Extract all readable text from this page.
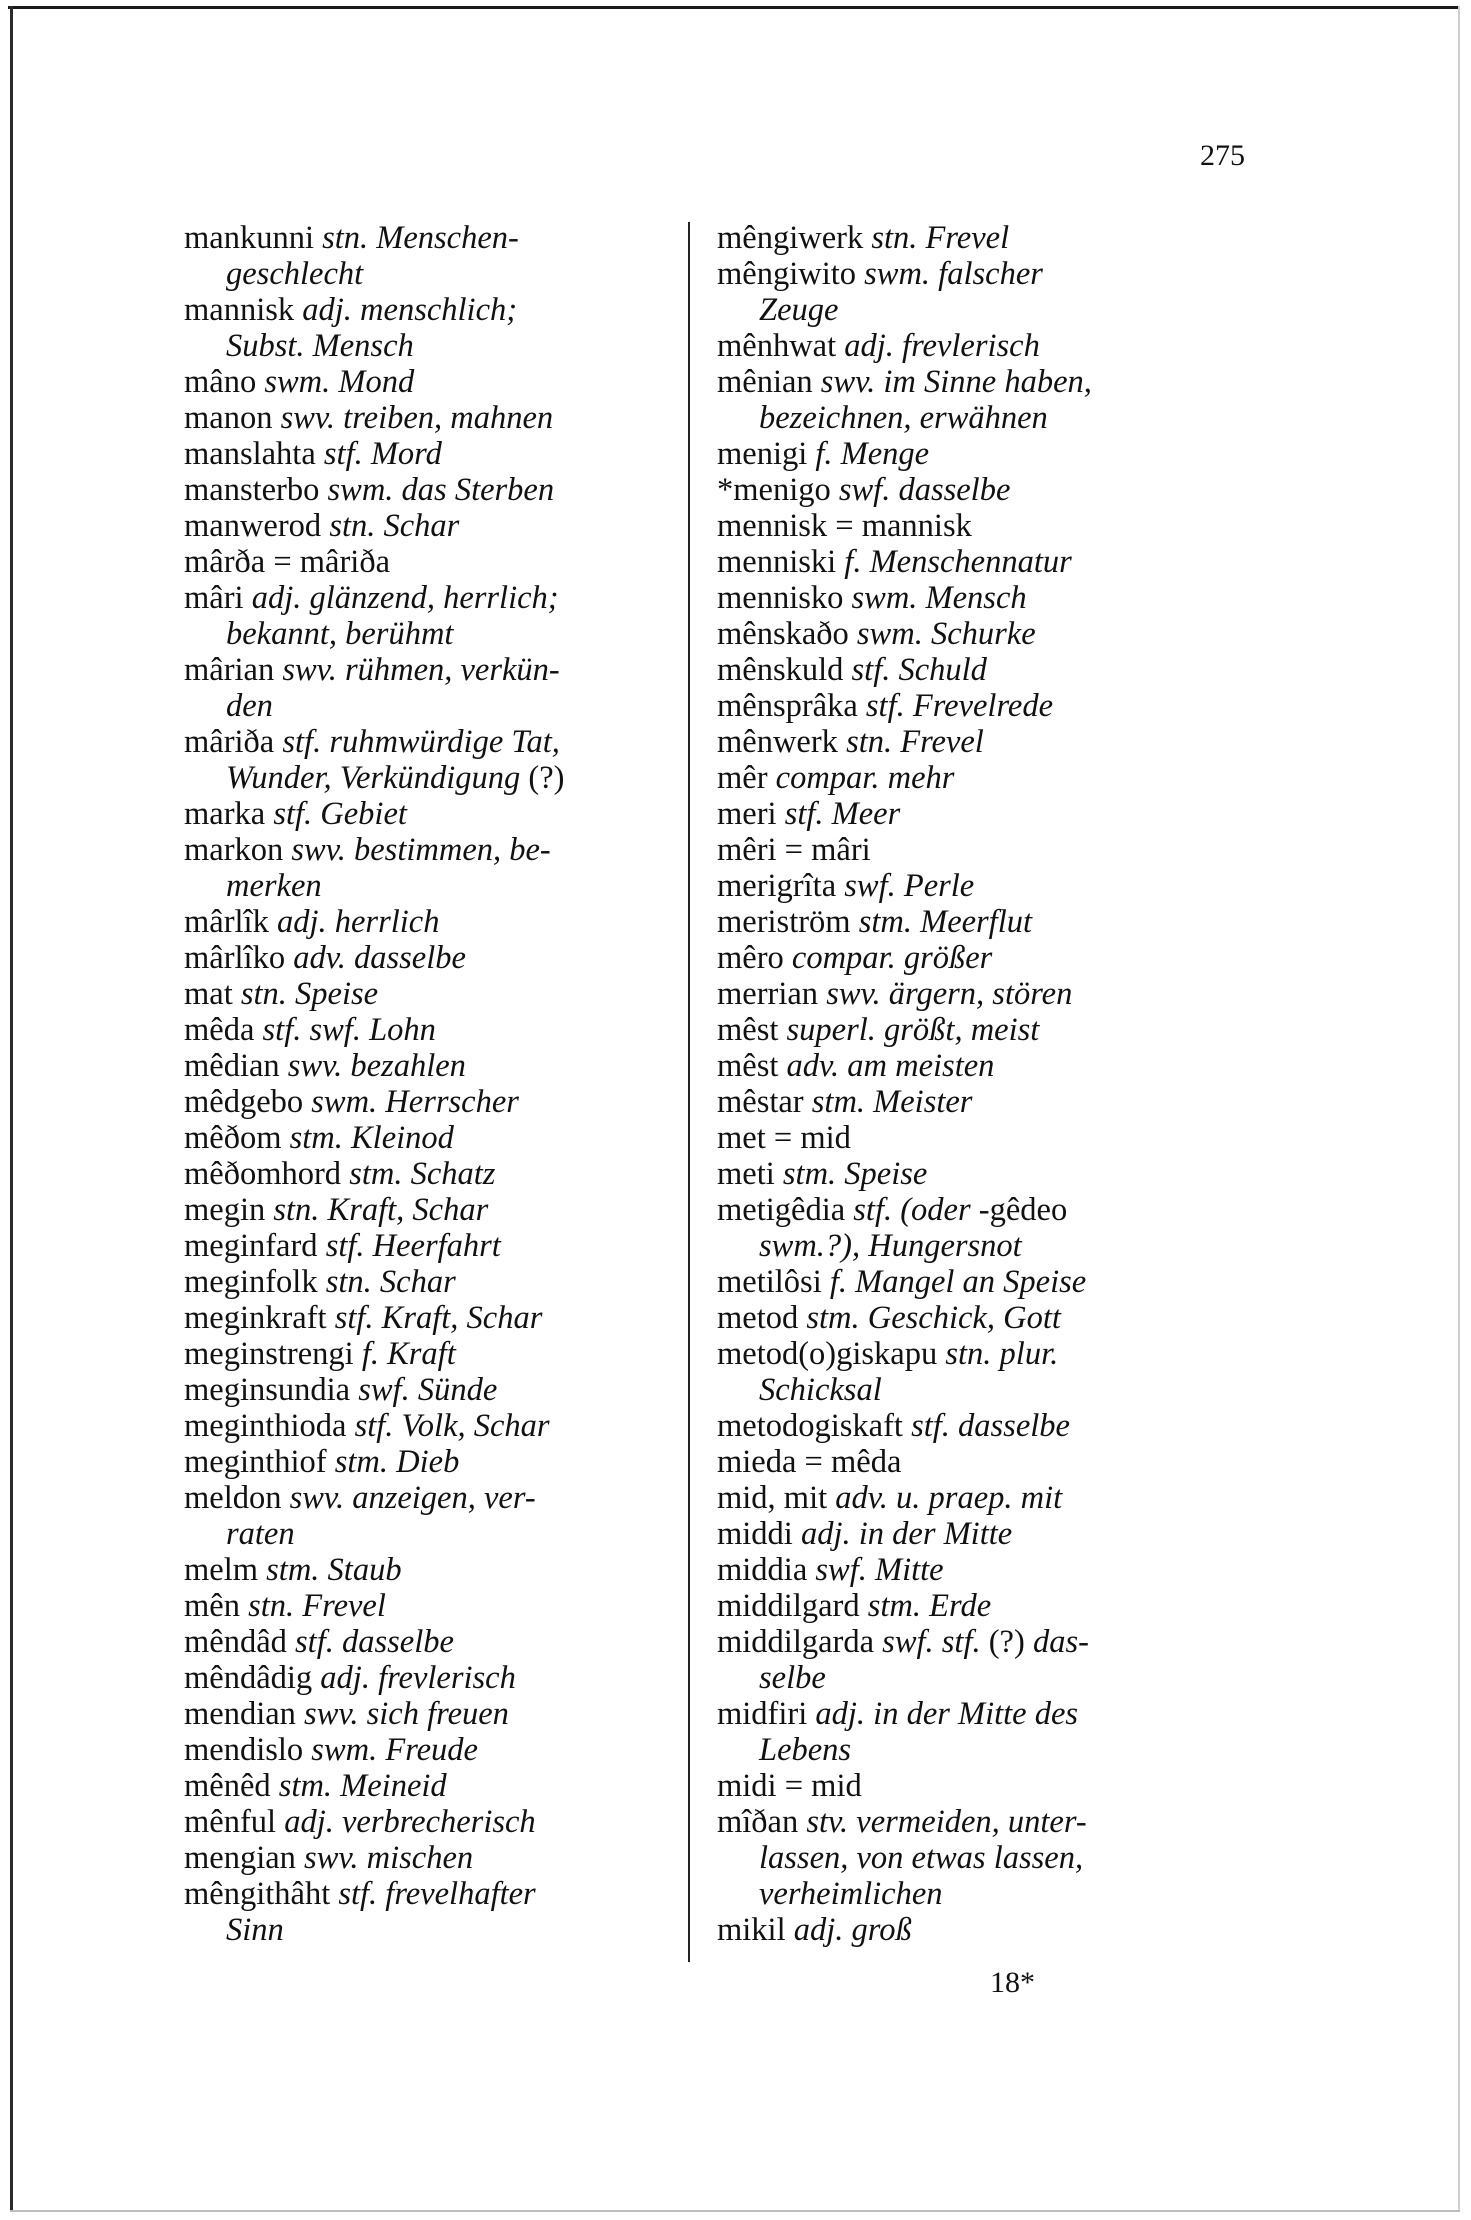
275
mankunni stn. Menschen-
geschlecht
mannisk adj. menschlich;
Subst. Mensch
mâno swm. Mond
manon swv. treiben, mahnen
manslahta stf. Mord
mansterbo swm. das Sterben
manwerod stn. Schar
mârða = mâriða
mâri adj. glänzend, herrlich;
bekannt, berühmt
mârian swv. rühmen, verkün-
den
mâriða stf. ruhmwürdige Tat,
Wunder, Verkündigung (?)
marka stf. Gebiet
markon swv. bestimmen, be-
merken
mârlîk adj. herrlich
mârlîko adv. dasselbe
mat stn. Speise
mêda stf. swf. Lohn
mêdian swv. bezahlen
mêdgebo swm. Herrscher
mêðom stm. Kleinod
mêðomhord stm. Schatz
megin stn. Kraft, Schar
meginfard stf. Heerfahrt
meginfolk stn. Schar
meginkraft stf. Kraft, Schar
meginstrengi f. Kraft
meginsundia swf. Sünde
meginthioda stf. Volk, Schar
meginthiof stm. Dieb
meldon swv. anzeigen, ver-
raten
melm stm. Staub
mên stn. Frevel
mêndâd stf. dasselbe
mêndâdig adj. frevlerisch
mendian swv. sich freuen
mendislo swm. Freude
mênêd stm. Meineid
mênful adj. verbrecherisch
mengian swv. mischen
mêngithâht stf. frevelhafter
Sinn
mêngiwerk stn. Frevel
mêngiwito swm. falscher
Zeuge
mênhwat adj. frevlerisch
mênian swv. im Sinne haben,
bezeichnen, erwähnen
menigi f. Menge
*menigo swf. dasselbe
mennisk = mannisk
menniski f. Menschennatur
mennisko swm. Mensch
mênskaðo swm. Schurke
mênskuld stf. Schuld
mênsprâka stf. Frevelrede
mênwerk stn. Frevel
mêr compar. mehr
meri stf. Meer
mêri = mâri
merigrîta swf. Perle
meriström stm. Meerflut
mêro compar. größer
merrian swv. ärgern, stören
mêst superl. größt, meist
mêst adv. am meisten
mêstar stm. Meister
met = mid
meti stm. Speise
metigêdia stf. (oder -gêdeo
swm.?), Hungersnot
metilôsi f. Mangel an Speise
metod stm. Geschick, Gott
metod(o)giskapu stn. plur.
Schicksal
metodogiskaft stf. dasselbe
mieda = mêda
mid, mit adv. u. praep. mit
middi adj. in der Mitte
middia swf. Mitte
middilgard stm. Erde
middilgarda swf. stf. (?) das-
selbe
midfiri adj. in der Mitte des
Lebens
midi = mid
mîðan stv. vermeiden, unter-
lassen, von etwas lassen,
verheimlichen
mikil adj. groß
18*
